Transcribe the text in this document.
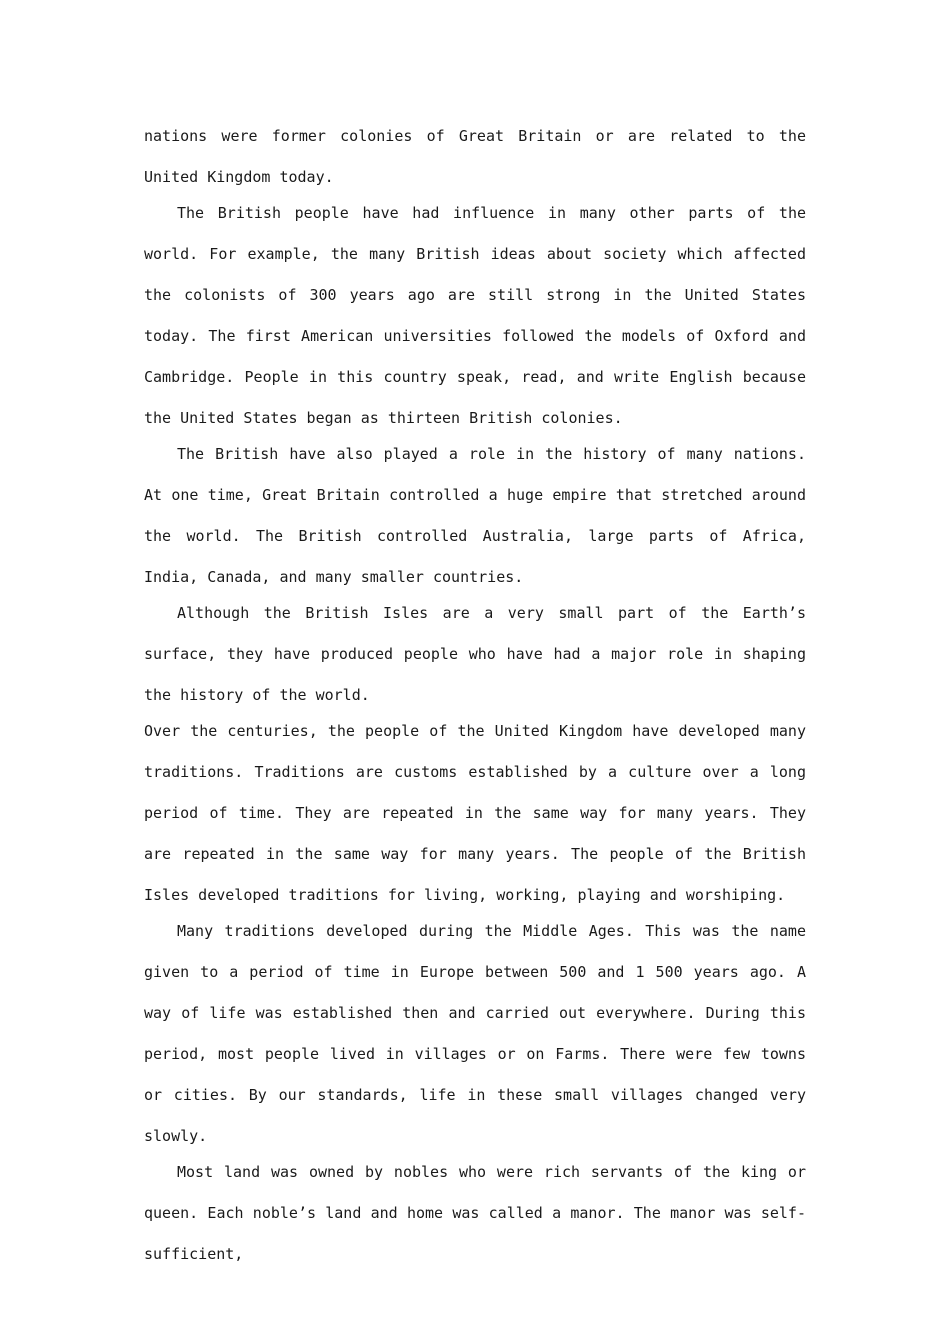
nations were former colonies of Great Britain or are related to the United Kingdom today.

The British people have had influence in many other parts of the world. For example, the many British ideas about society which affected the colonists of 300 years ago are still strong in the United States today. The first American universities followed the models of Oxford and Cambridge. People in this country speak, read, and write English because the United States began as thirteen British colonies.

The British have also played a role in the history of many nations. At one time, Great Britain controlled a huge empire that stretched around the world. The British controlled Australia, large parts of Africa, India, Canada, and many smaller countries.

Although the British Isles are a very small part of the Earth’s surface, they have produced people who have had a major role in shaping the history of the world.

Over the centuries, the people of the United Kingdom have developed many traditions. Traditions are customs established by a culture over a long period of time. They are repeated in the same way for many years. They are repeated in the same way for many years. The people of the British Isles developed traditions for living, working, playing and worshiping.

Many traditions developed during the Middle Ages. This was the name given to a period of time in Europe between 500 and 1 500 years ago. A way of life was established then and carried out everywhere. During this period, most people lived in villages or on Farms. There were few towns or cities. By our standards, life in these small villages changed very slowly.

Most land was owned by nobles who were rich servants of the king or queen. Each noble’s land and home was called a manor. The manor was self-sufficient,
